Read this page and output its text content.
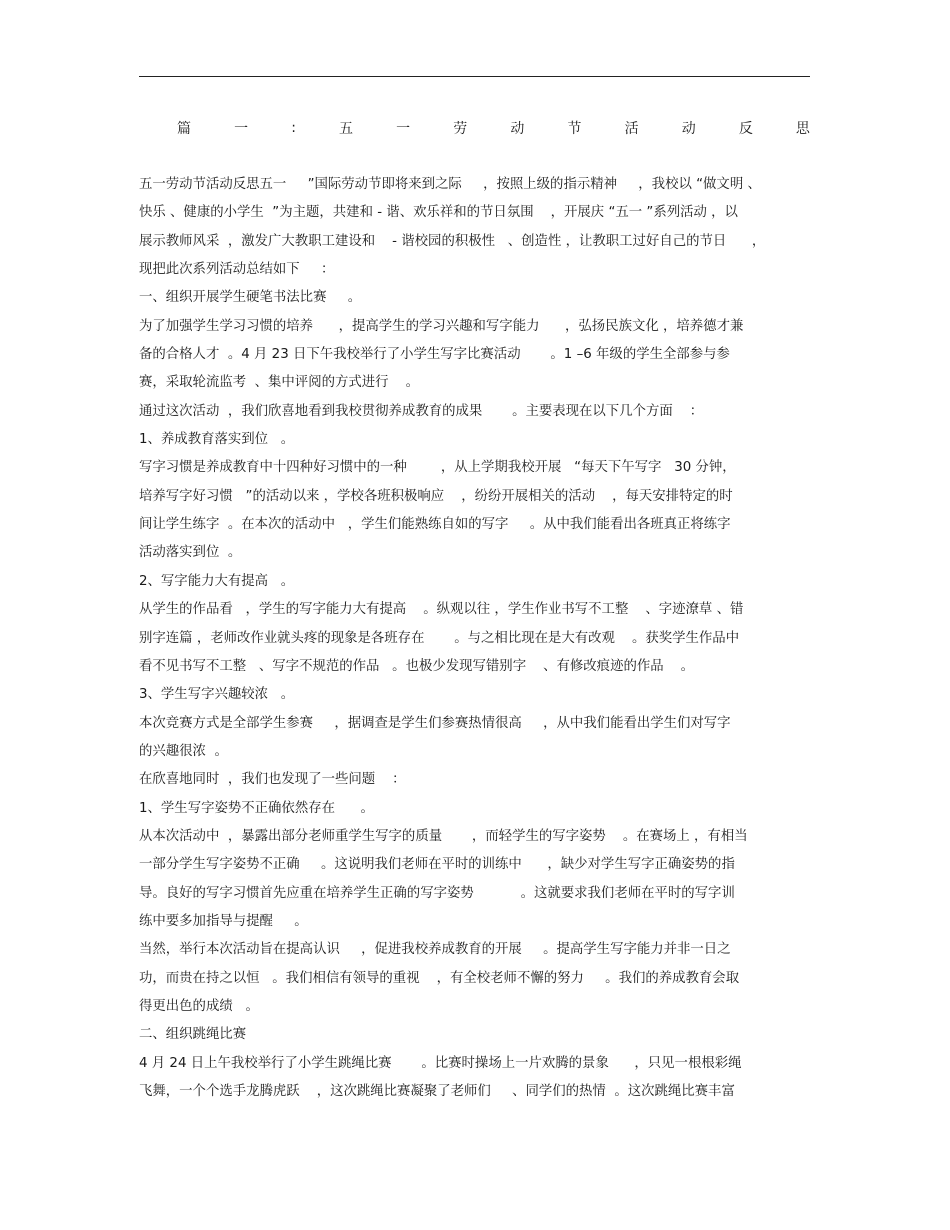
篇	一	:	五	一	劳	动	节	活	动	反	思
五一劳动节活动反思五一     ”国际劳动节即将来到之际     ，按照上级的指示精神     ，我校以 “做文明 、
快乐 、健康的小学生  ”为主题，共建和 - 谐、欢乐祥和的节日氛围    ，开展庆 “五一 ”系列活动 ，以
展示教师风采  ，激发广大教职工建设和    - 谐校园的积极性   、创造性 ，让教职工过好自己的节日      ，
现把此次系列活动总结如下     ：
一、组织开展学生硬笔书法比赛     。
为了加强学生学习习惯的培养      ，提高学生的学习兴趣和写字能力      ，弘扬民族文化 ，培养德才兼
备的合格人才  。4 月 23 日下午我校举行了小学生写字比赛活动       。1 –6 年级的学生全部参与参
赛，采取轮流监考  、集中评阅的方式进行    。
通过这次活动  ，我们欣喜地看到我校贯彻养成教育的成果       。主要表现在以下几个方面    ：
1、养成教育落实到位   。
写字习惯是养成教育中十四种好习惯中的一种        ，从上学期我校开展   “每天下午写字   30 分钟，
培养写字好习惯   ”的活动以来 ，学校各班积极响应    ，纷纷开展相关的活动    ，每天安排特定的时
间让学生练字  。在本次的活动中   ，学生们能熟练自如的写字     。从中我们能看出各班真正将练字
活动落实到位  。
2、写字能力大有提高   。
从学生的作品看   ，学生的写字能力大有提高    。纵观以往 ，学生作业书写不工整    、字迹潦草 、错
别字连篇 ，老师改作业就头疼的现象是各班存在       。与之相比现在是大有改观    。获奖学生作品中
看不见书写不工整   、写字不规范的作品   。也极少发现写错别字    、有修改痕迹的作品    。
3、学生写字兴趣较浓   。
本次竞赛方式是全部学生参赛     ，据调查是学生们参赛热情很高     ，从中我们能看出学生们对写字
的兴趣很浓  。
在欣喜地同时  ，我们也发现了一些问题    ：
1、学生写字姿势不正确依然存在      。
从本次活动中  ，暴露出部分老师重学生写字的质量       ，而轻学生的写字姿势    。在赛场上 ，有相当
一部分学生写字姿势不正确     。这说明我们老师在平时的训练中      ，缺少对学生写字正确姿势的指
导。良好的写字习惯首先应重在培养学生正确的写字姿势           。这就要求我们老师在平时的写字训
练中要多加指导与提醒     。
当然，举行本次活动旨在提高认识     ，促进我校养成教育的开展     。提高学生写字能力并非一日之
功，而贵在持之以恒   。我们相信有领导的重视    ，有全校老师不懈的努力     。我们的养成教育会取
得更出色的成绩   。
二、组织跳绳比赛
4 月 24 日上午我校举行了小学生跳绳比赛       。比赛时操场上一片欢腾的景象      ，只见一根根彩绳
飞舞，一个个选手龙腾虎跃    ，这次跳绳比赛凝聚了老师们     、同学们的热情  。这次跳绳比赛丰富
